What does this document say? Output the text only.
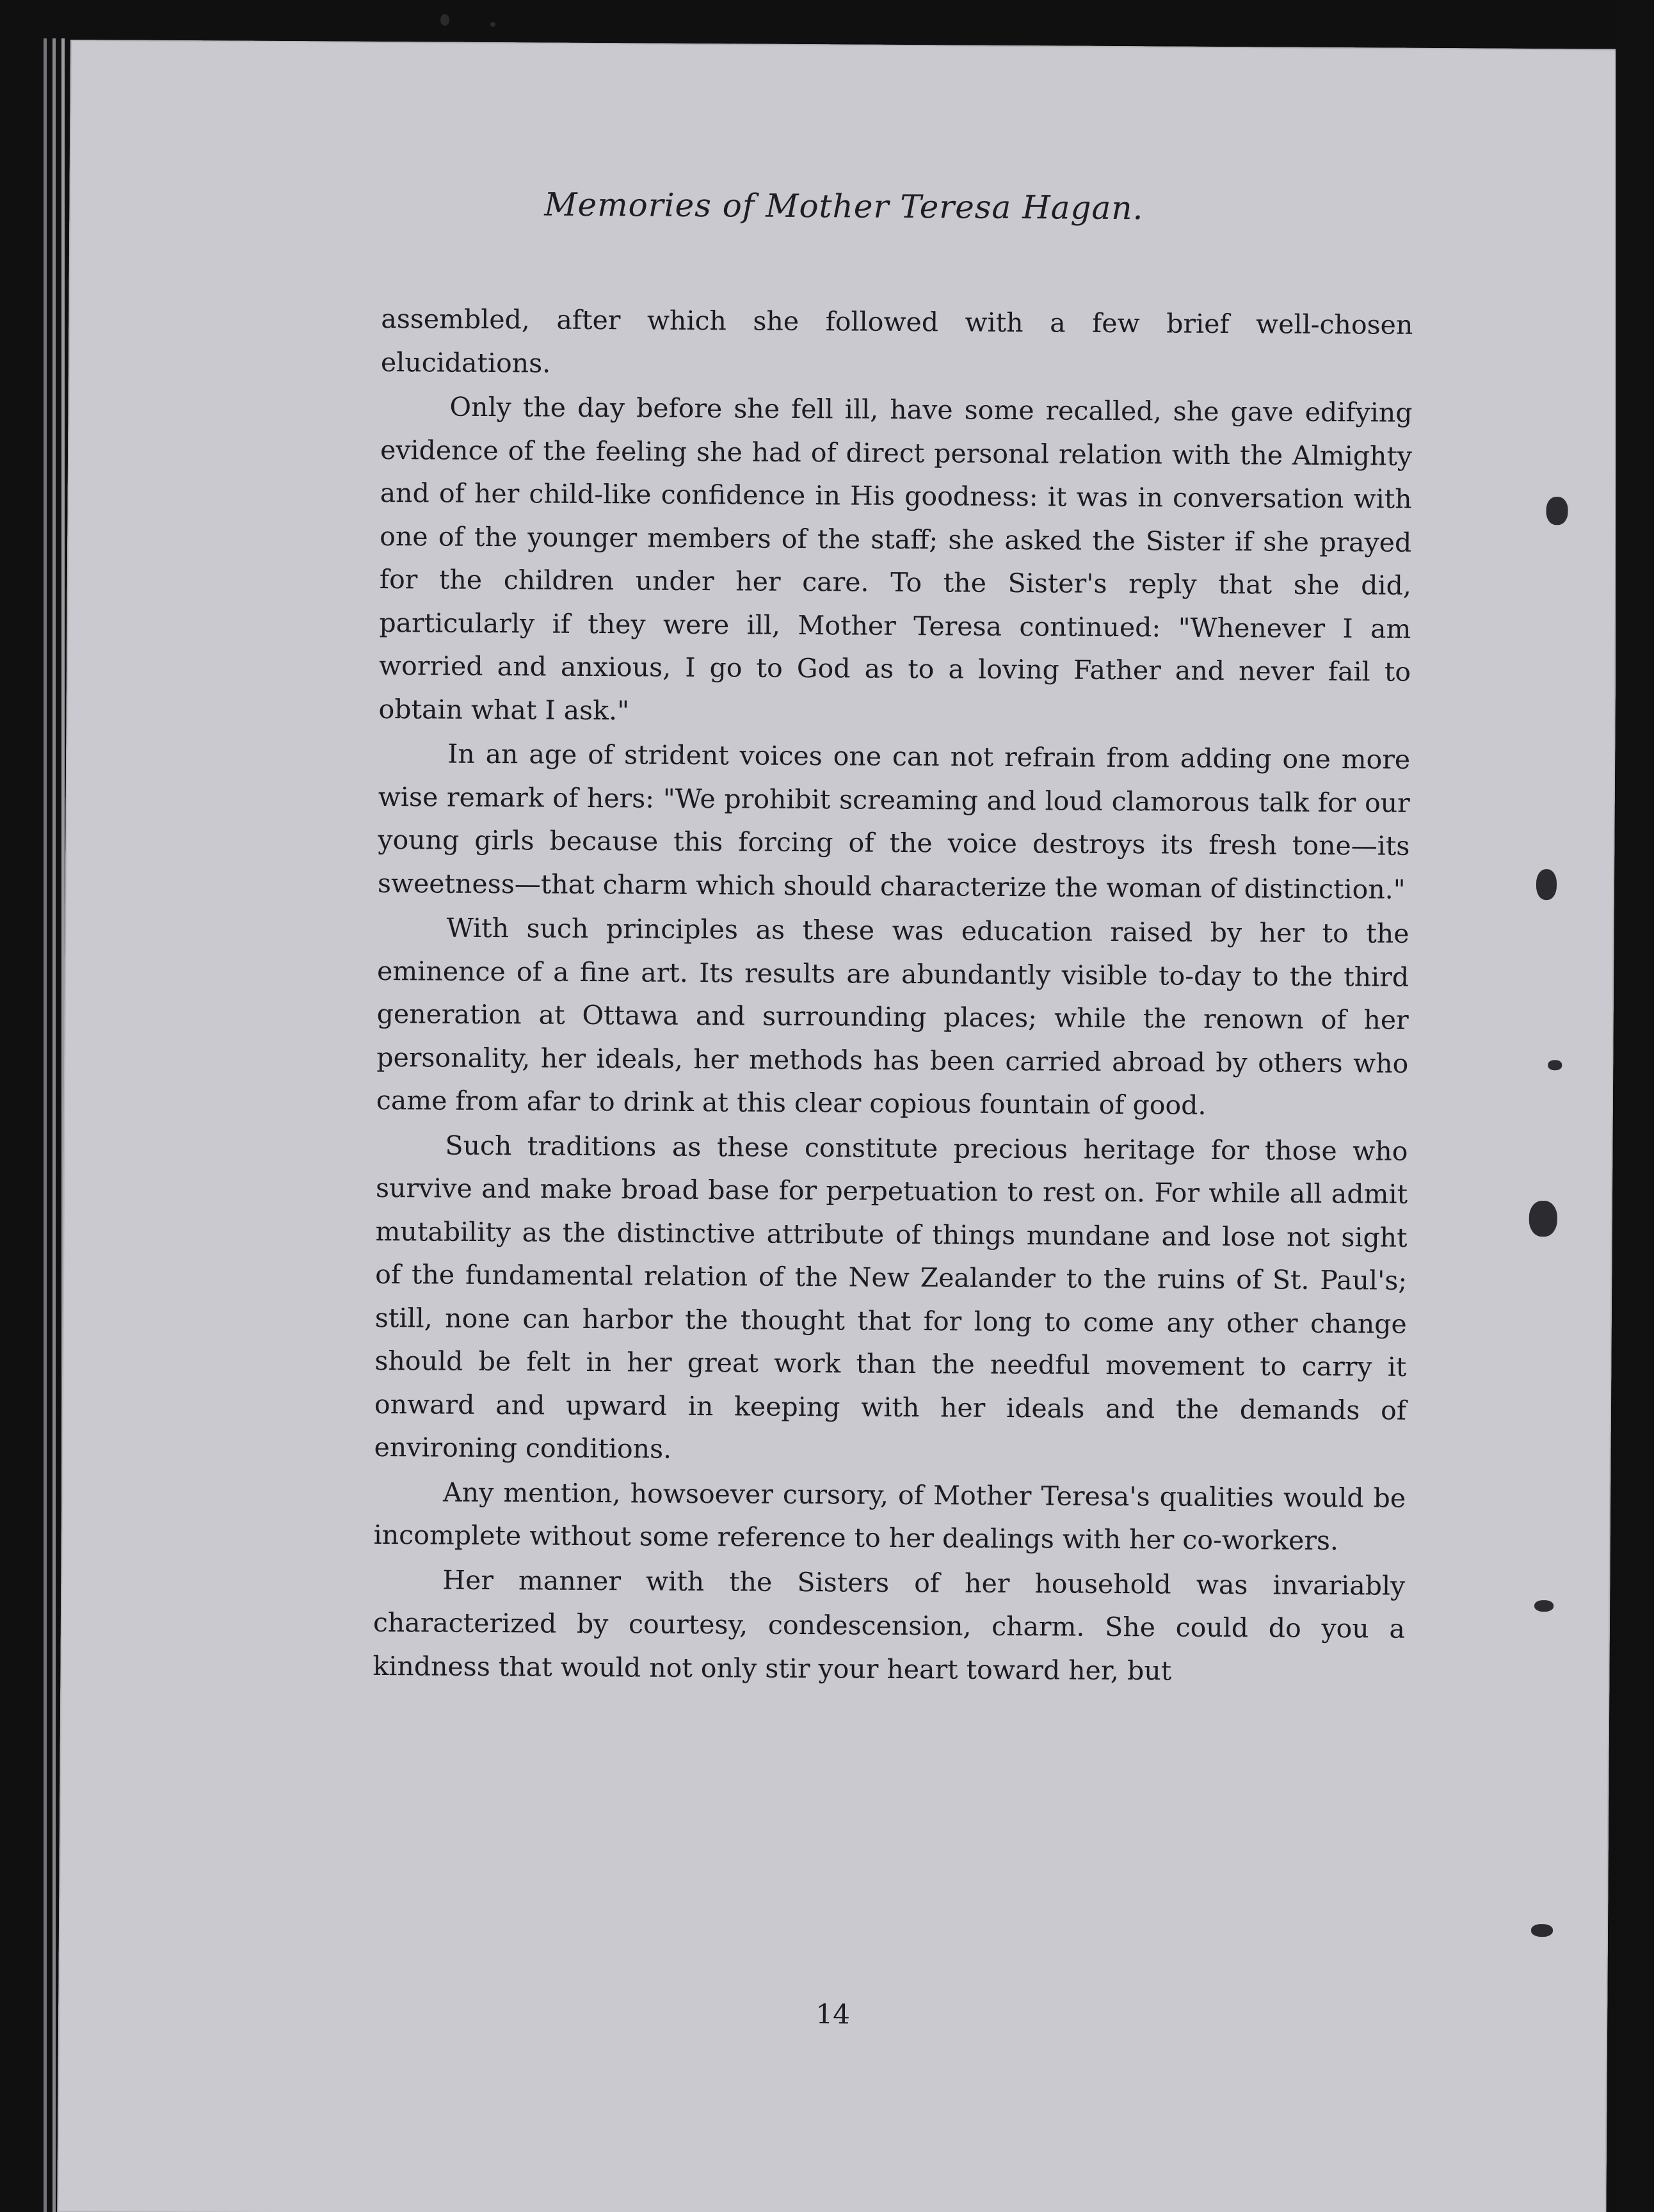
Memories of Mother Teresa Hagan.

assembled, after which she followed with a few brief well-chosen elucidations.

Only the day before she fell ill, have some recalled, she gave edifying evidence of the feeling she had of direct personal relation with the Almighty and of her child-like confidence in His goodness: it was in conversation with one of the younger members of the staff; she asked the Sister if she prayed for the children under her care. To the Sister's reply that she did, particularly if they were ill, Mother Teresa continued: "Whenever I am worried and anxious, I go to God as to a loving Father and never fail to obtain what I ask."

In an age of strident voices one can not refrain from adding one more wise remark of hers: "We prohibit screaming and loud clamorous talk for our young girls because this forcing of the voice destroys its fresh tone—its sweetness—that charm which should characterize the woman of distinction."

With such principles as these was education raised by her to the eminence of a fine art. Its results are abundantly visible to-day to the third generation at Ottawa and surrounding places; while the renown of her personality, her ideals, her methods has been carried abroad by others who came from afar to drink at this clear copious fountain of good.

Such traditions as these constitute precious heritage for those who survive and make broad base for perpetuation to rest on. For while all admit mutability as the distinctive attribute of things mundane and lose not sight of the fundamental relation of the New Zealander to the ruins of St. Paul's; still, none can harbor the thought that for long to come any other change should be felt in her great work than the needful movement to carry it onward and upward in keeping with her ideals and the demands of environing conditions.

Any mention, howsoever cursory, of Mother Teresa's qualities would be incomplete without some reference to her dealings with her co-workers.

Her manner with the Sisters of her household was invariably characterized by courtesy, condescension, charm. She could do you a kindness that would not only stir your heart toward her, but

14
